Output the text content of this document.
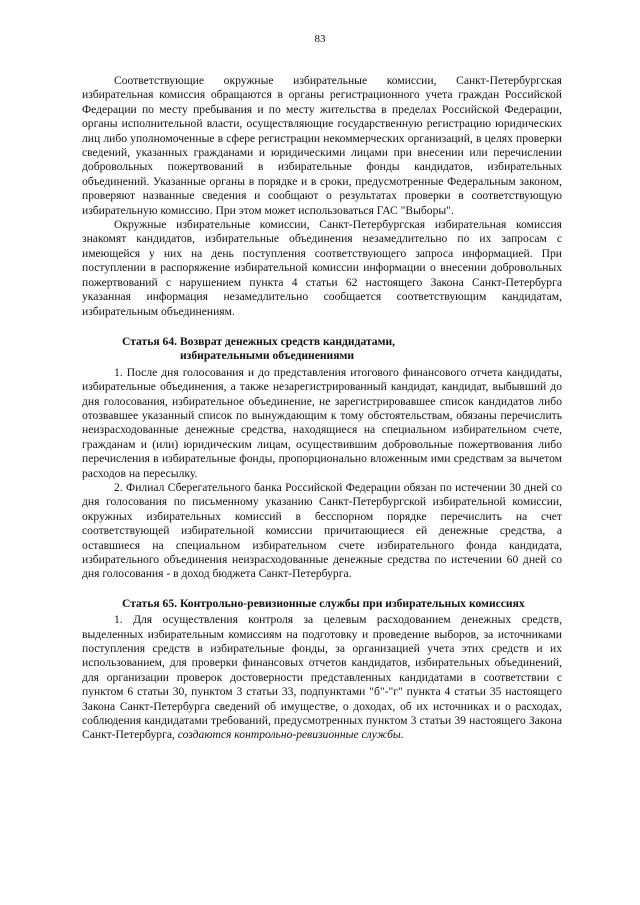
83

Соответствующие окружные избирательные комиссии, Санкт-Петербургская избирательная комиссия обращаются в органы регистрационного учета граждан Российской Федерации по месту пребывания и по месту жительства в пределах Российской Федерации, органы исполнительной власти, осуществляющие государственную регистрацию юридических лиц либо уполномоченные в сфере регистрации некоммерческих организаций, в целях проверки сведений, указанных гражданами и юридическими лицами при внесении или перечислении добровольных пожертвований в избирательные фонды кандидатов, избирательных объединений. Указанные органы в порядке и в сроки, предусмотренные Федеральным законом, проверяют названные сведения и сообщают о результатах проверки в соответствующую избирательную комиссию. При этом может использоваться ГАС "Выборы".

Окружные избирательные комиссии, Санкт-Петербургская избирательная комиссия знакомят кандидатов, избирательные объединения незамедлительно по их запросам с имеющейся у них на день поступления соответствующего запроса информацией. При поступлении в распоряжение избирательной комиссии информации о внесении добровольных пожертвований с нарушением пункта 4 статьи 62 настоящего Закона Санкт-Петербурга указанная информация незамедлительно сообщается соответствующим кандидатам, избирательным объединениям.

Статья 64. Возврат денежных средств кандидатами,
избирательными объединениями

1. После дня голосования и до представления итогового финансового отчета кандидаты, избирательные объединения, а также незарегистрированный кандидат, кандидат, выбывший до дня голосования, избирательное объединение, не зарегистрировавшее список кандидатов либо отозвавшее указанный список по вынуждающим к тому обстоятельствам, обязаны перечислить неизрасходованные денежные средства, находящиеся на специальном избирательном счете, гражданам и (или) юридическим лицам, осуществившим добровольные пожертвования либо перечисления в избирательные фонды, пропорционально вложенным ими средствам за вычетом расходов на пересылку.

2. Филиал Сберегательного банка Российской Федерации обязан по истечении 30 дней со дня голосования по письменному указанию Санкт-Петербургской избирательной комиссии, окружных избирательных комиссий в бесспорном порядке перечислить на счет соответствующей избирательной комиссии причитающиеся ей денежные средства, а оставшиеся на специальном избирательном счете избирательного фонда кандидата, избирательного объединения неизрасходованные денежные средства по истечении 60 дней со дня голосования - в доход бюджета Санкт-Петербурга.

Статья 65. Контрольно-ревизионные службы при избирательных комиссиях

1. Для осуществления контроля за целевым расходованием денежных средств, выделенных избирательным комиссиям на подготовку и проведение выборов, за источниками поступления средств в избирательные фонды, за организацией учета этих средств и их использованием, для проверки финансовых отчетов кандидатов, избирательных объединений, для организации проверок достоверности представленных кандидатами в соответствии с пунктом 6 статьи 30, пунктом 3 статьи 33, подпунктами "б"-"г" пункта 4 статьи 35 настоящего Закона Санкт-Петербурга сведений об имуществе, о доходах, об их источниках и о расходах, соблюдения кандидатами требований, предусмотренных пунктом 3 статьи 39 настоящего Закона Санкт-Петербурга, создаются контрольно-ревизионные службы.
